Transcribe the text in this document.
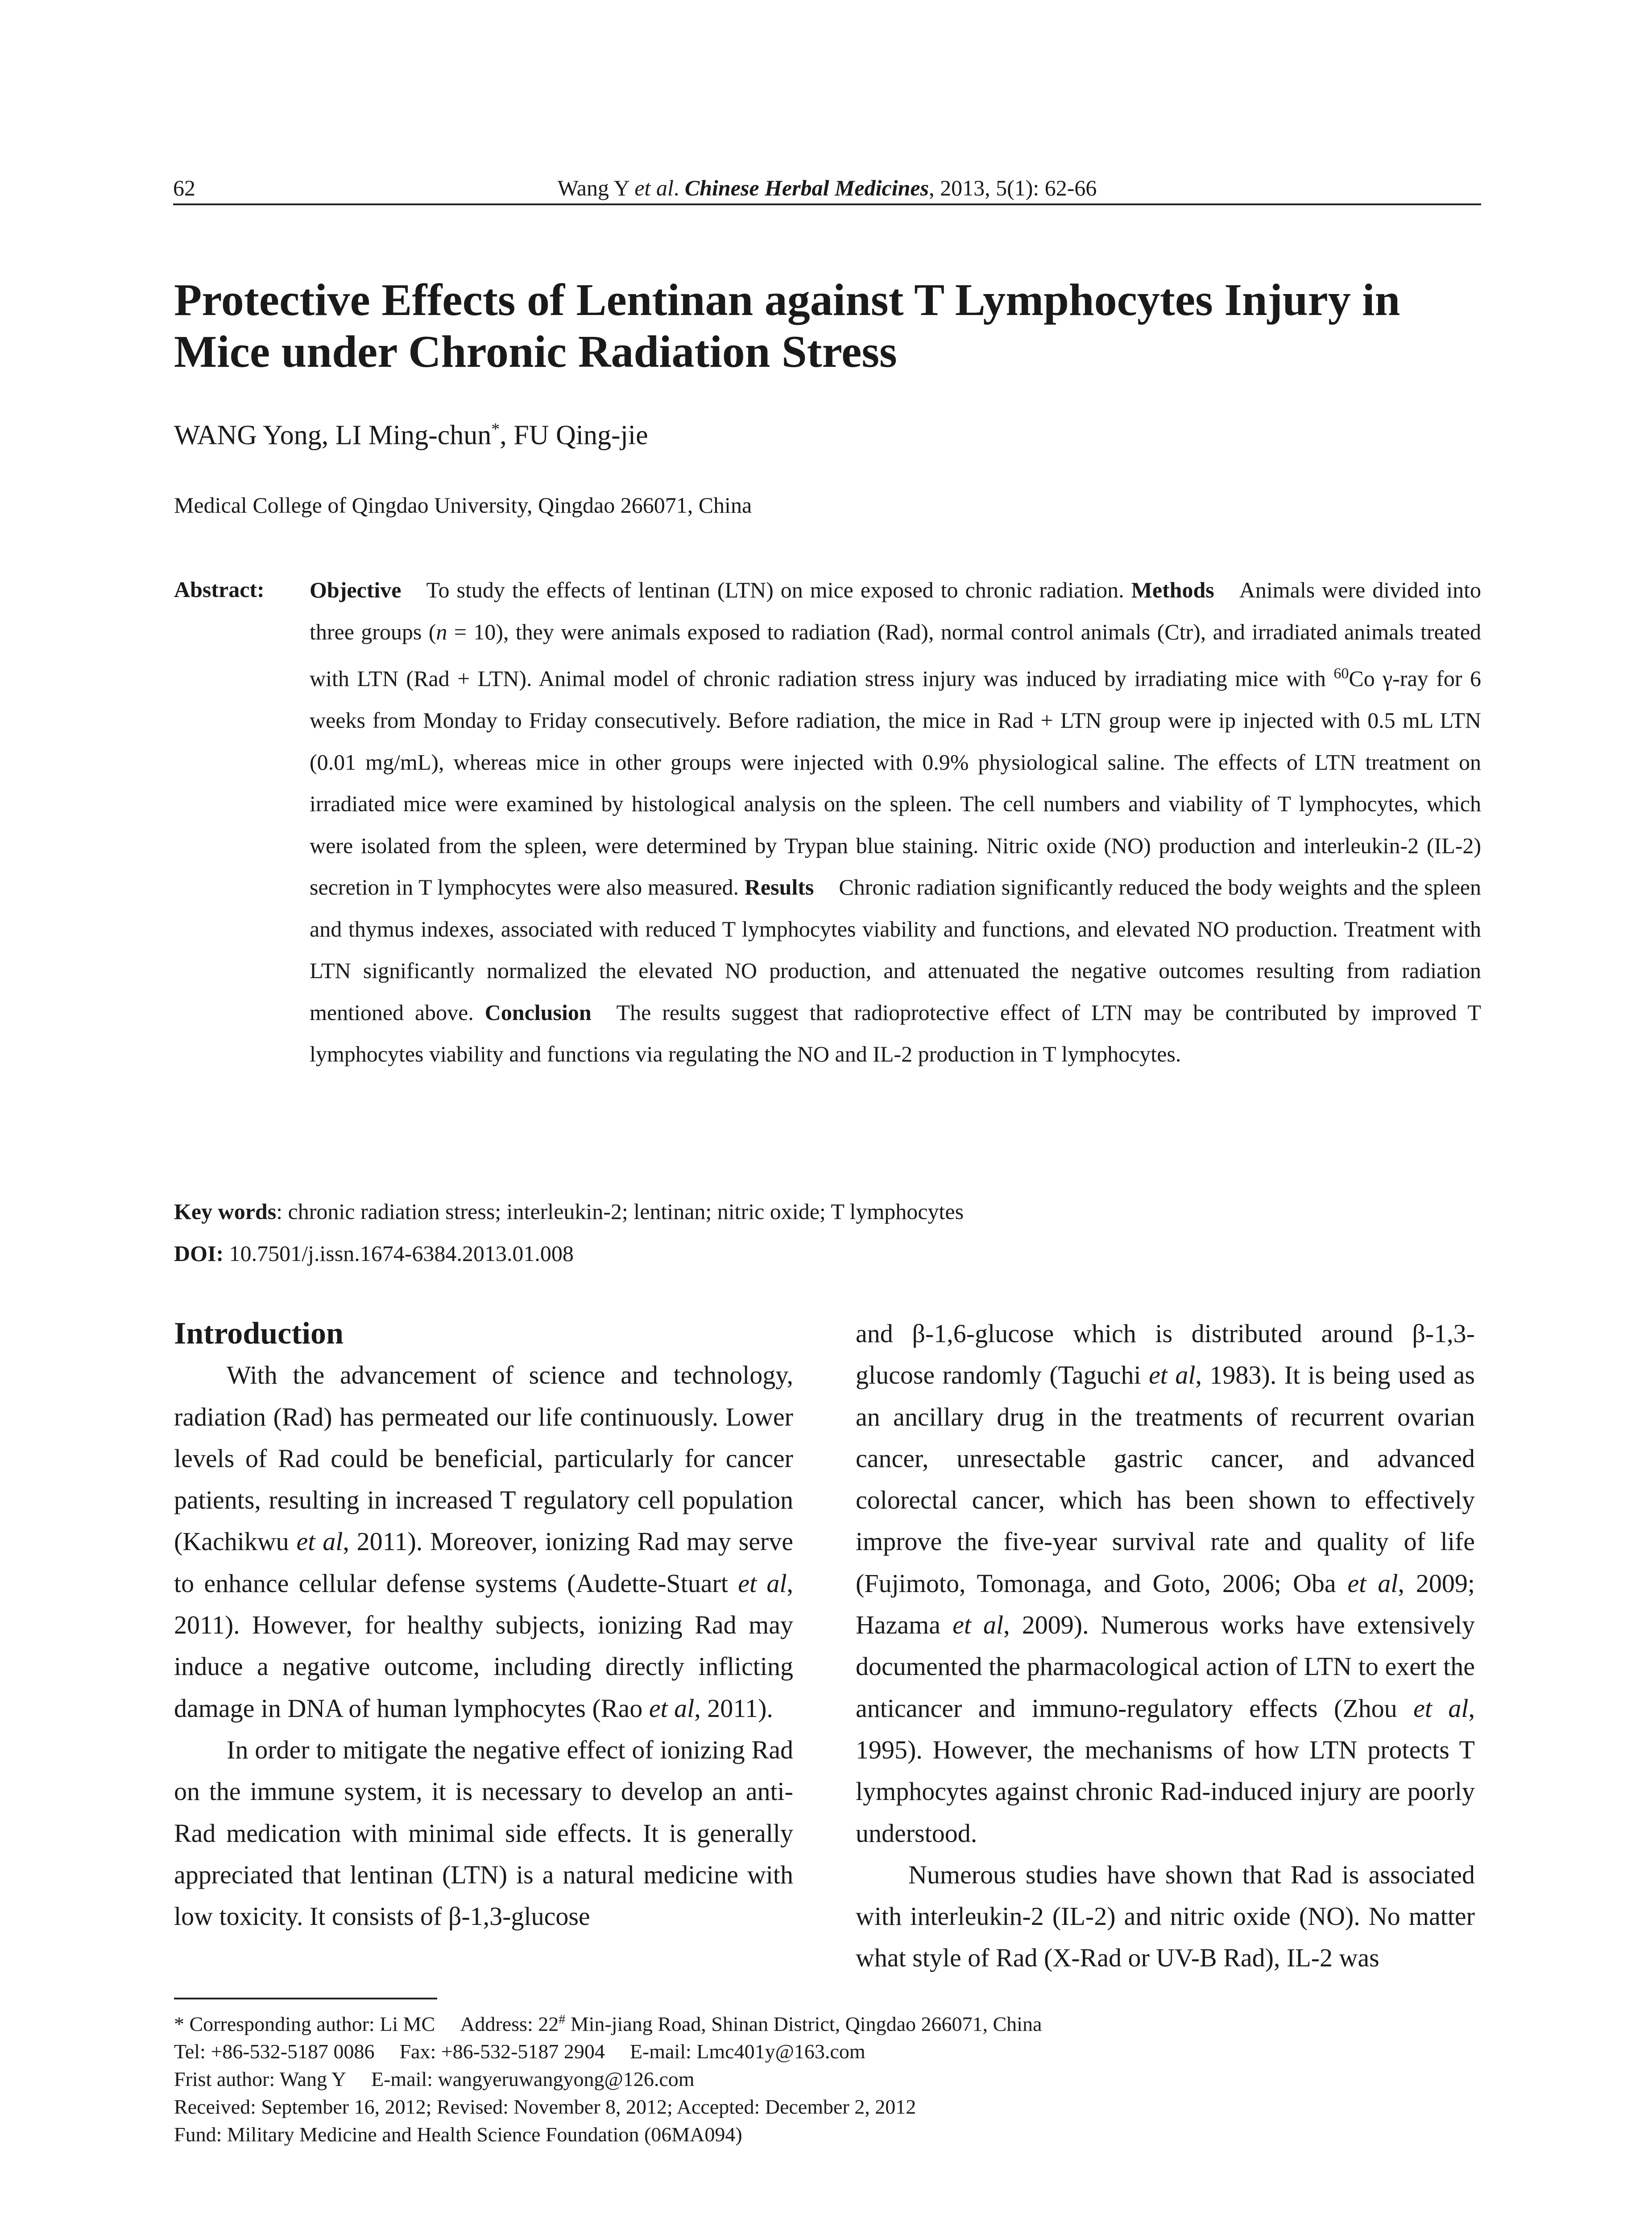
62	Wang Y et al. Chinese Herbal Medicines, 2013, 5(1): 62-66
Protective Effects of Lentinan against T Lymphocytes Injury in Mice under Chronic Radiation Stress
WANG Yong, LI Ming-chun*, FU Qing-jie
Medical College of Qingdao University, Qingdao 266071, China
Abstract: Objective To study the effects of lentinan (LTN) on mice exposed to chronic radiation. Methods Animals were divided into three groups (n = 10), they were animals exposed to radiation (Rad), normal control animals (Ctr), and irradiated animals treated with LTN (Rad + LTN). Animal model of chronic radiation stress injury was induced by irradiating mice with $^{60}$Co γ-ray for 6 weeks from Monday to Friday consecutively. Before radiation, the mice in Rad + LTN group were ip injected with 0.5 mL LTN (0.01 mg/mL), whereas mice in other groups were injected with 0.9% physiological saline. The effects of LTN treatment on irradiated mice were examined by histological analysis on the spleen. The cell numbers and viability of T lymphocytes, which were isolated from the spleen, were determined by Trypan blue staining. Nitric oxide (NO) production and interleukin-2 (IL-2) secretion in T lymphocytes were also measured. Results Chronic radiation significantly reduced the body weights and the spleen and thymus indexes, associated with reduced T lymphocytes viability and functions, and elevated NO production. Treatment with LTN significantly normalized the elevated NO production, and attenuated the negative outcomes resulting from radiation mentioned above. Conclusion The results suggest that radioprotective effect of LTN may be contributed by improved T lymphocytes viability and functions via regulating the NO and IL-2 production in T lymphocytes.

Key words: chronic radiation stress; interleukin-2; lentinan; nitric oxide; T lymphocytes
DOI: 10.7501/j.issn.1674-6384.2013.01.008
Introduction

With the advancement of science and technology, radiation (Rad) has permeated our life continuously. Lower levels of Rad could be beneficial, particularly for cancer patients, resulting in increased T regulatory cell population (Kachikwu et al, 2011). Moreover, ionizing Rad may serve to enhance cellular defense systems (Audette-Stuart et al, 2011). However, for healthy subjects, ionizing Rad may induce a negative outcome, including directly inflicting damage in DNA of human lymphocytes (Rao et al, 2011).

In order to mitigate the negative effect of ionizing Rad on the immune system, it is necessary to develop an anti-Rad medication with minimal side effects. It is generally appreciated that lentinan (LTN) is a natural medicine with low toxicity. It consists of β-1,3-glucose

and β-1,6-glucose which is distributed around β-1,3-glucose randomly (Taguchi et al, 1983). It is being used as an ancillary drug in the treatments of recurrent ovarian cancer, unresectable gastric cancer, and advanced colorectal cancer, which has been shown to effectively improve the five-year survival rate and quality of life (Fujimoto, Tomonaga, and Goto, 2006; Oba et al, 2009; Hazama et al, 2009). Numerous works have extensively documented the pharmacological action of LTN to exert the anticancer and immuno-regulatory effects (Zhou et al, 1995). However, the mechanisms of how LTN protects T lymphocytes against chronic Rad-induced injury are poorly understood.

Numerous studies have shown that Rad is associated with interleukin-2 (IL-2) and nitric oxide (NO). No matter what style of Rad (X-Rad or UV-B Rad), IL-2 was

* Corresponding author: Li MC Address: 22# Min-jiang Road, Shinan District, Qingdao 266071, China
Tel: +86-532-5187 0086 Fax: +86-532-5187 2904 E-mail: Lmc401y@163.com
Frist author: Wang Y E-mail: wangyeruwangyong@126.com
Received: September 16, 2012; Revised: November 8, 2012; Accepted: December 2, 2012
Fund: Military Medicine and Health Science Foundation (06MA094)
